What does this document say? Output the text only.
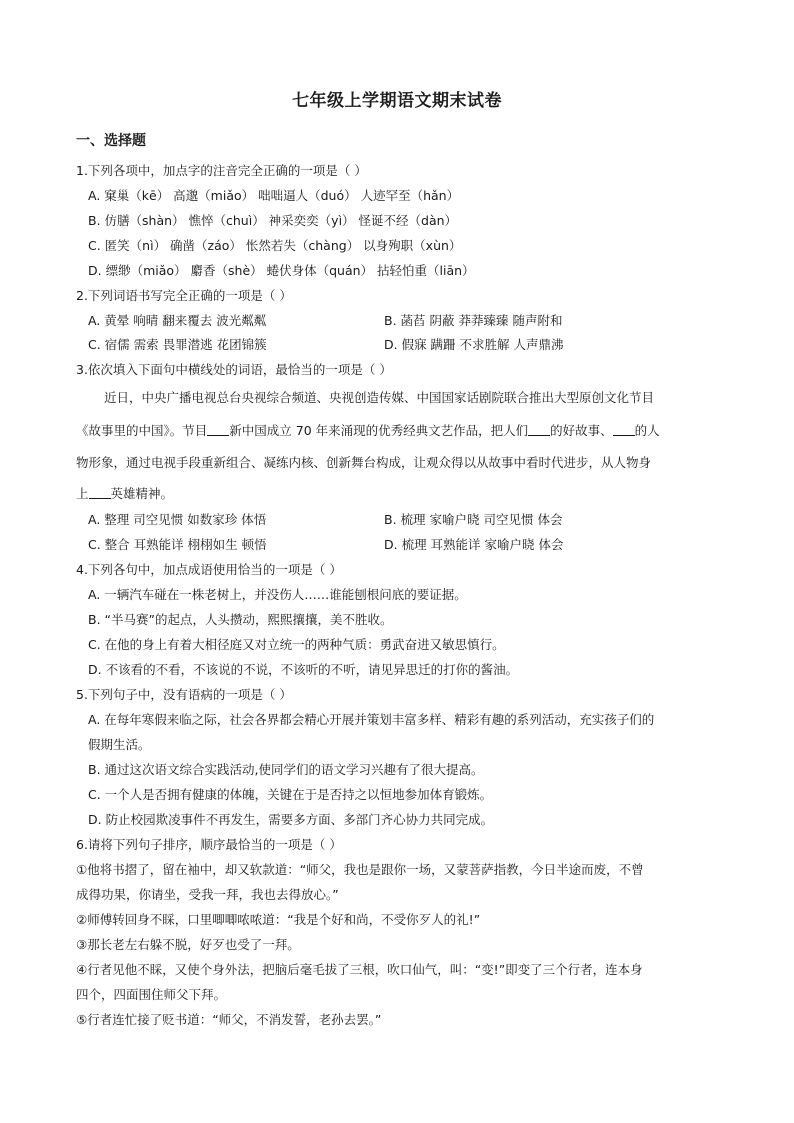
七年级上学期语文期末试卷
一、选择题
1.下列各项中，加点字的注音完全正确的一项是（ ）
A. 窠巢（kē） 高邈（miǎo） 咄咄逼人（duó） 人迹罕至（hǎn）
B. 仿膳（shàn） 憔悴（chuì） 神采奕奕（yì） 怪诞不经（dàn）
C. 匿笑（nì） 确凿（záo） 怅然若失（chàng） 以身殉职（xùn）
D. 缥缈（miǎo） 麝香（shè） 蜷伏身体（quán） 拈轻怕重（liān）
2.下列词语书写完全正确的一项是（ ）
A. 黄晕 响晴 翻来覆去 波光粼粼	B. 菡萏 阴蔽 莽莽臻臻 随声附和
C. 宿儒 需索 畏罪潜逃 花团锦簇	D. 假寐 蹒跚 不求胜解 人声鼎沸
3.依次填入下面句中横线处的词语，最恰当的一项是（ ）
近日，中央广播电视总台央视综合频道、央视创造传媒、中国国家话剧院联合推出大型原创文化节目
《故事里的中国》。节目 新中国成立 70 年来涌现的优秀经典文艺作品，把人们 的好故事、 的人
物形象，通过电视手段重新组合、凝练内核、创新舞台构成，让观众得以从故事中看时代进步，从人物身
上 英雄精神。
A. 整理 司空见惯 如数家珍 体悟	B. 梳理 家喻户晓 司空见惯 体会
C. 整合 耳熟能详 栩栩如生 顿悟	D. 梳理 耳熟能详 家喻户晓 体会
4.下列各句中，加点成语使用恰当的一项是（ ）
A. 一辆汽车碰在一株老树上，并没伤人……谁能刨根问底的要证据。
B. “半马赛”的起点，人头攒动，熙熙攘攘，美不胜收。
C. 在他的身上有着大相径庭又对立统一的两种气质：勇武奋进又敏思慎行。
D. 不该看的不看，不该说的不说，不该听的不听，请见异思迁的打你的酱油。
5.下列句子中，没有语病的一项是（ ）
A. 在每年寒假来临之际，社会各界都会精心开展并策划丰富多样、精彩有趣的系列活动，充实孩子们的
假期生活。
B. 通过这次语文综合实践活动,使同学们的语文学习兴趣有了很大提高。
C. 一个人是否拥有健康的体魄，关键在于是否持之以恒地参加体育锻炼。
D. 防止校园欺凌事件不再发生，需要多方面、多部门齐心协力共同完成。
6.请将下列句子排序，顺序最恰当的一项是（ ）
①他将书摺了，留在袖中，却又软款道：“师父，我也是跟你一场，又蒙菩萨指教，今日半途而废，不曾
成得功果，你请坐，受我一拜，我也去得放心。”
②师傅转回身不睬，口里唧唧哝哝道：“我是个好和尚，不受你歹人的礼!”
③那长老左右躲不脱，好歹也受了一拜。
④行者见他不睬，又使个身外法，把脑后毫毛拔了三根，吹口仙气，叫：“变!”即变了三个行者，连本身
四个，四面围住师父下拜。
⑤行者连忙接了贬书道：“师父，不消发誓，老孙去罢。”
